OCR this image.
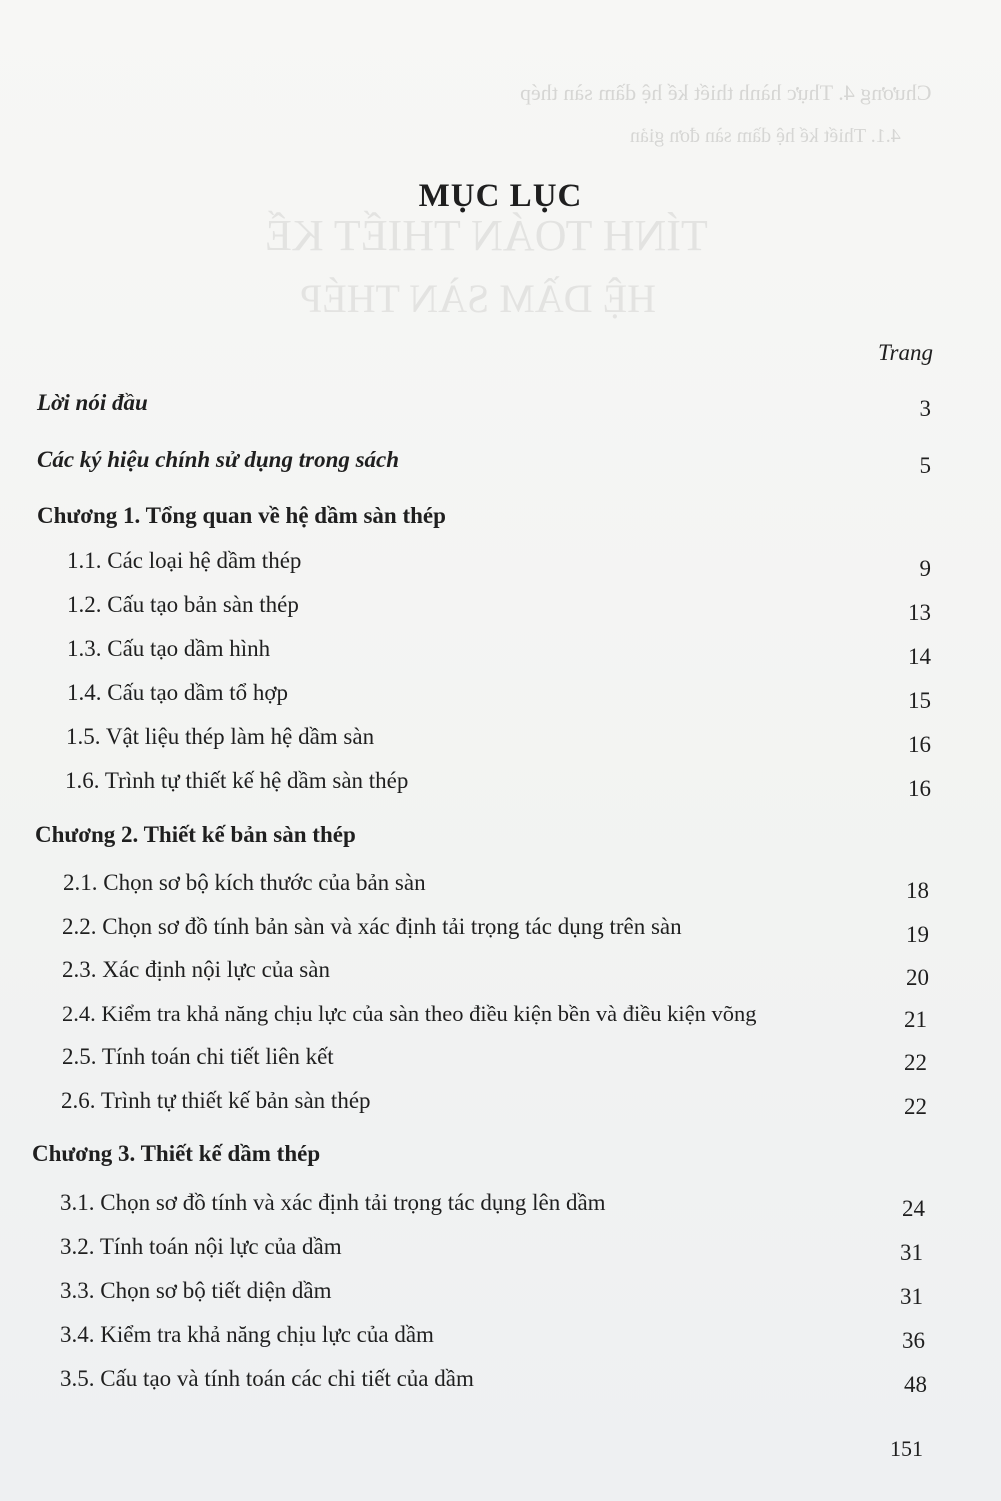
Chương 4. Thực hành thiết kế hệ dầm sàn thép
4.1. Thiết kế hệ dầm sàn đơn giản
TÍNH TOÁN THIẾT KẾ
HỆ DẦM SÀN THÉP
MỤC LỤC
Trang
Lời nói đầu	3
Các ký hiệu chính sử dụng trong sách	5
Chương 1. Tổng quan về hệ dầm sàn thép
1.1. Các loại hệ dầm thép	9
1.2. Cấu tạo bản sàn thép	13
1.3. Cấu tạo dầm hình	14
1.4. Cấu tạo dầm tổ hợp	15
1.5. Vật liệu thép làm hệ dầm sàn	16
1.6. Trình tự thiết kế hệ dầm sàn thép	16
Chương 2. Thiết kế bản sàn thép
2.1. Chọn sơ bộ kích thước của bản sàn	18
2.2. Chọn sơ đồ tính bản sàn và xác định tải trọng tác dụng trên sàn	19
2.3. Xác định nội lực của sàn	20
2.4. Kiểm tra khả năng chịu lực của sàn theo điều kiện bền và điều kiện võng	21
2.5. Tính toán chi tiết liên kết	22
2.6. Trình tự thiết kế bản sàn thép	22
Chương 3. Thiết kế dầm thép
3.1. Chọn sơ đồ tính và xác định tải trọng tác dụng lên dầm	24
3.2. Tính toán nội lực của dầm	31
3.3. Chọn sơ bộ tiết diện dầm	31
3.4. Kiểm tra khả năng chịu lực của dầm	36
3.5. Cấu tạo và tính toán các chi tiết của dầm	48
151
